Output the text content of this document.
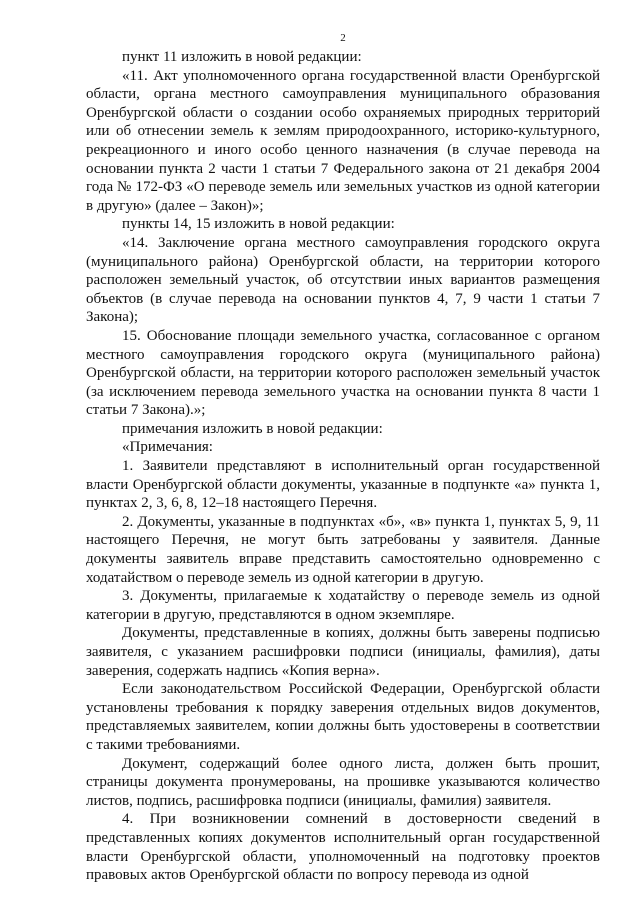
2

пункт 11 изложить в новой редакции:

«11. Акт уполномоченного органа государственной власти Оренбургской области, органа местного самоуправления муниципального образования Оренбургской области о создании особо охраняемых природных территорий или об отнесении земель к землям природоохранного, историко-культурного, рекреационного и иного особо ценного назначения (в случае перевода на основании пункта 2 части 1 статьи 7 Федерального закона от 21 декабря 2004 года № 172-ФЗ «О переводе земель или земельных участков из одной категории в другую» (далее – Закон)»;

пункты 14, 15 изложить в новой редакции:

«14. Заключение органа местного самоуправления городского округа (муниципального района) Оренбургской области, на территории которого расположен земельный участок, об отсутствии иных вариантов размещения объектов (в случае перевода на основании пунктов 4, 7, 9 части 1 статьи 7 Закона);

15. Обоснование площади земельного участка, согласованное с органом местного самоуправления городского округа (муниципального района) Оренбургской области, на территории которого расположен земельный участок (за исключением перевода земельного участка на основании пункта 8 части 1 статьи 7 Закона).»;

примечания изложить в новой редакции:

«Примечания:

1. Заявители представляют в исполнительный орган государственной власти Оренбургской области документы, указанные в подпункте «а» пункта 1, пунктах 2, 3, 6, 8, 12–18 настоящего Перечня.

2. Документы, указанные в подпунктах «б», «в» пункта 1, пунктах 5, 9, 11 настоящего Перечня, не могут быть затребованы у заявителя. Данные документы заявитель вправе представить самостоятельно одновременно с ходатайством о переводе земель из одной категории в другую.

3. Документы, прилагаемые к ходатайству о переводе земель из одной категории в другую, представляются в одном экземпляре.

Документы, представленные в копиях, должны быть заверены подписью заявителя, с указанием расшифровки подписи (инициалы, фамилия), даты заверения, содержать надпись «Копия верна».

Если законодательством Российской Федерации, Оренбургской области установлены требования к порядку заверения отдельных видов документов, представляемых заявителем, копии должны быть удостоверены в соответствии с такими требованиями.

Документ, содержащий более одного листа, должен быть прошит, страницы документа пронумерованы, на прошивке указываются количество листов, подпись, расшифровка подписи (инициалы, фамилия) заявителя.

4. При возникновении сомнений в достоверности сведений в представленных копиях документов исполнительный орган государственной власти Оренбургской области, уполномоченный на подготовку проектов правовых актов Оренбургской области по вопросу перевода из одной
